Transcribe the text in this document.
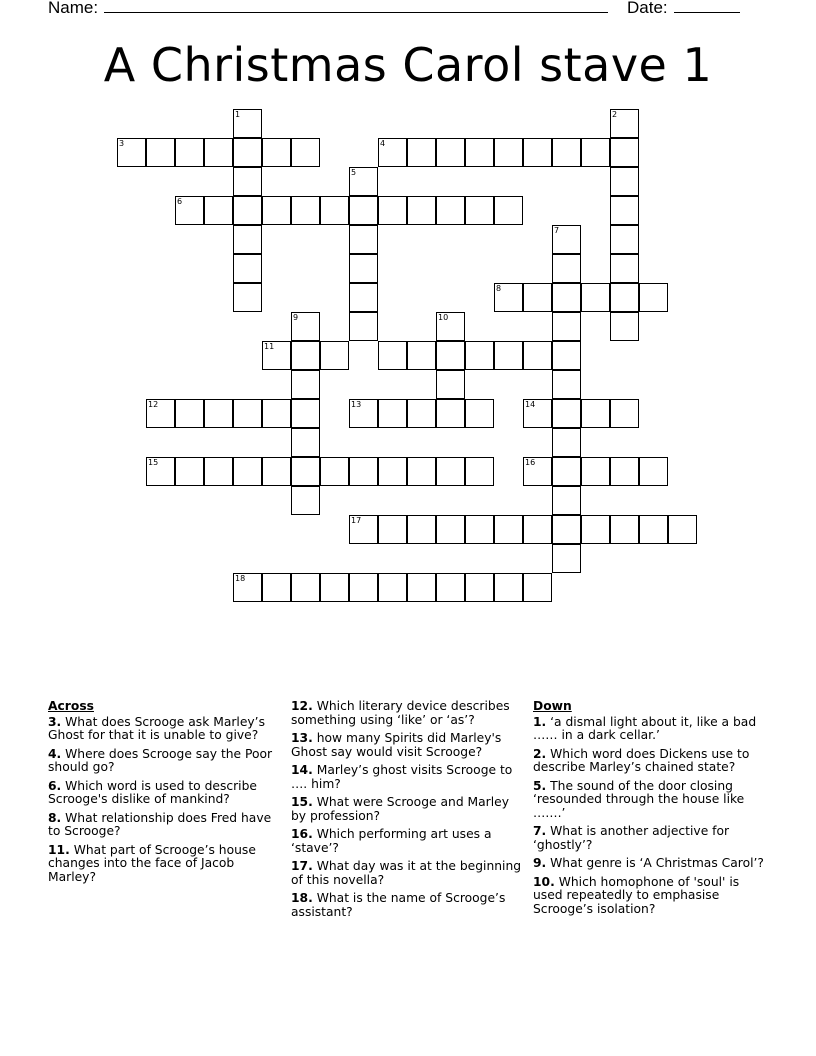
Name:	Date:
A Christmas Carol stave 1
1
3	4
2
5
6
7
8
9	10
11
12	13	14
15	16
17
18
Across
3. What does Scrooge ask Marley’s Ghost for that it is unable to give?
4. Where does Scrooge say the Poor should go?
6. Which word is used to describe Scrooge's dislike of mankind?
8. What relationship does Fred have to Scrooge?
11. What part of Scrooge’s house changes into the face of Jacob Marley?
12. Which literary device describes something using ‘like’ or ‘as’?
13. how many Spirits did Marley's Ghost say would visit Scrooge?
14. Marley’s ghost visits Scrooge to …. him?
15. What were Scrooge and Marley by profession?
16. Which performing art uses a ‘stave’?
17. What day was it at the beginning of this novella?
18. What is the name of Scrooge’s assistant?
Down
1. ‘a dismal light about it, like a bad …… in a dark cellar.’
2. Which word does Dickens use to describe Marley’s chained state?
5. The sound of the door closing ‘resounded through the house like …….’
7. What is another adjective for ‘ghostly’?
9. What genre is ‘A Christmas Carol’?
10. Which homophone of 'soul' is used repeatedly to emphasise Scrooge’s isolation?
